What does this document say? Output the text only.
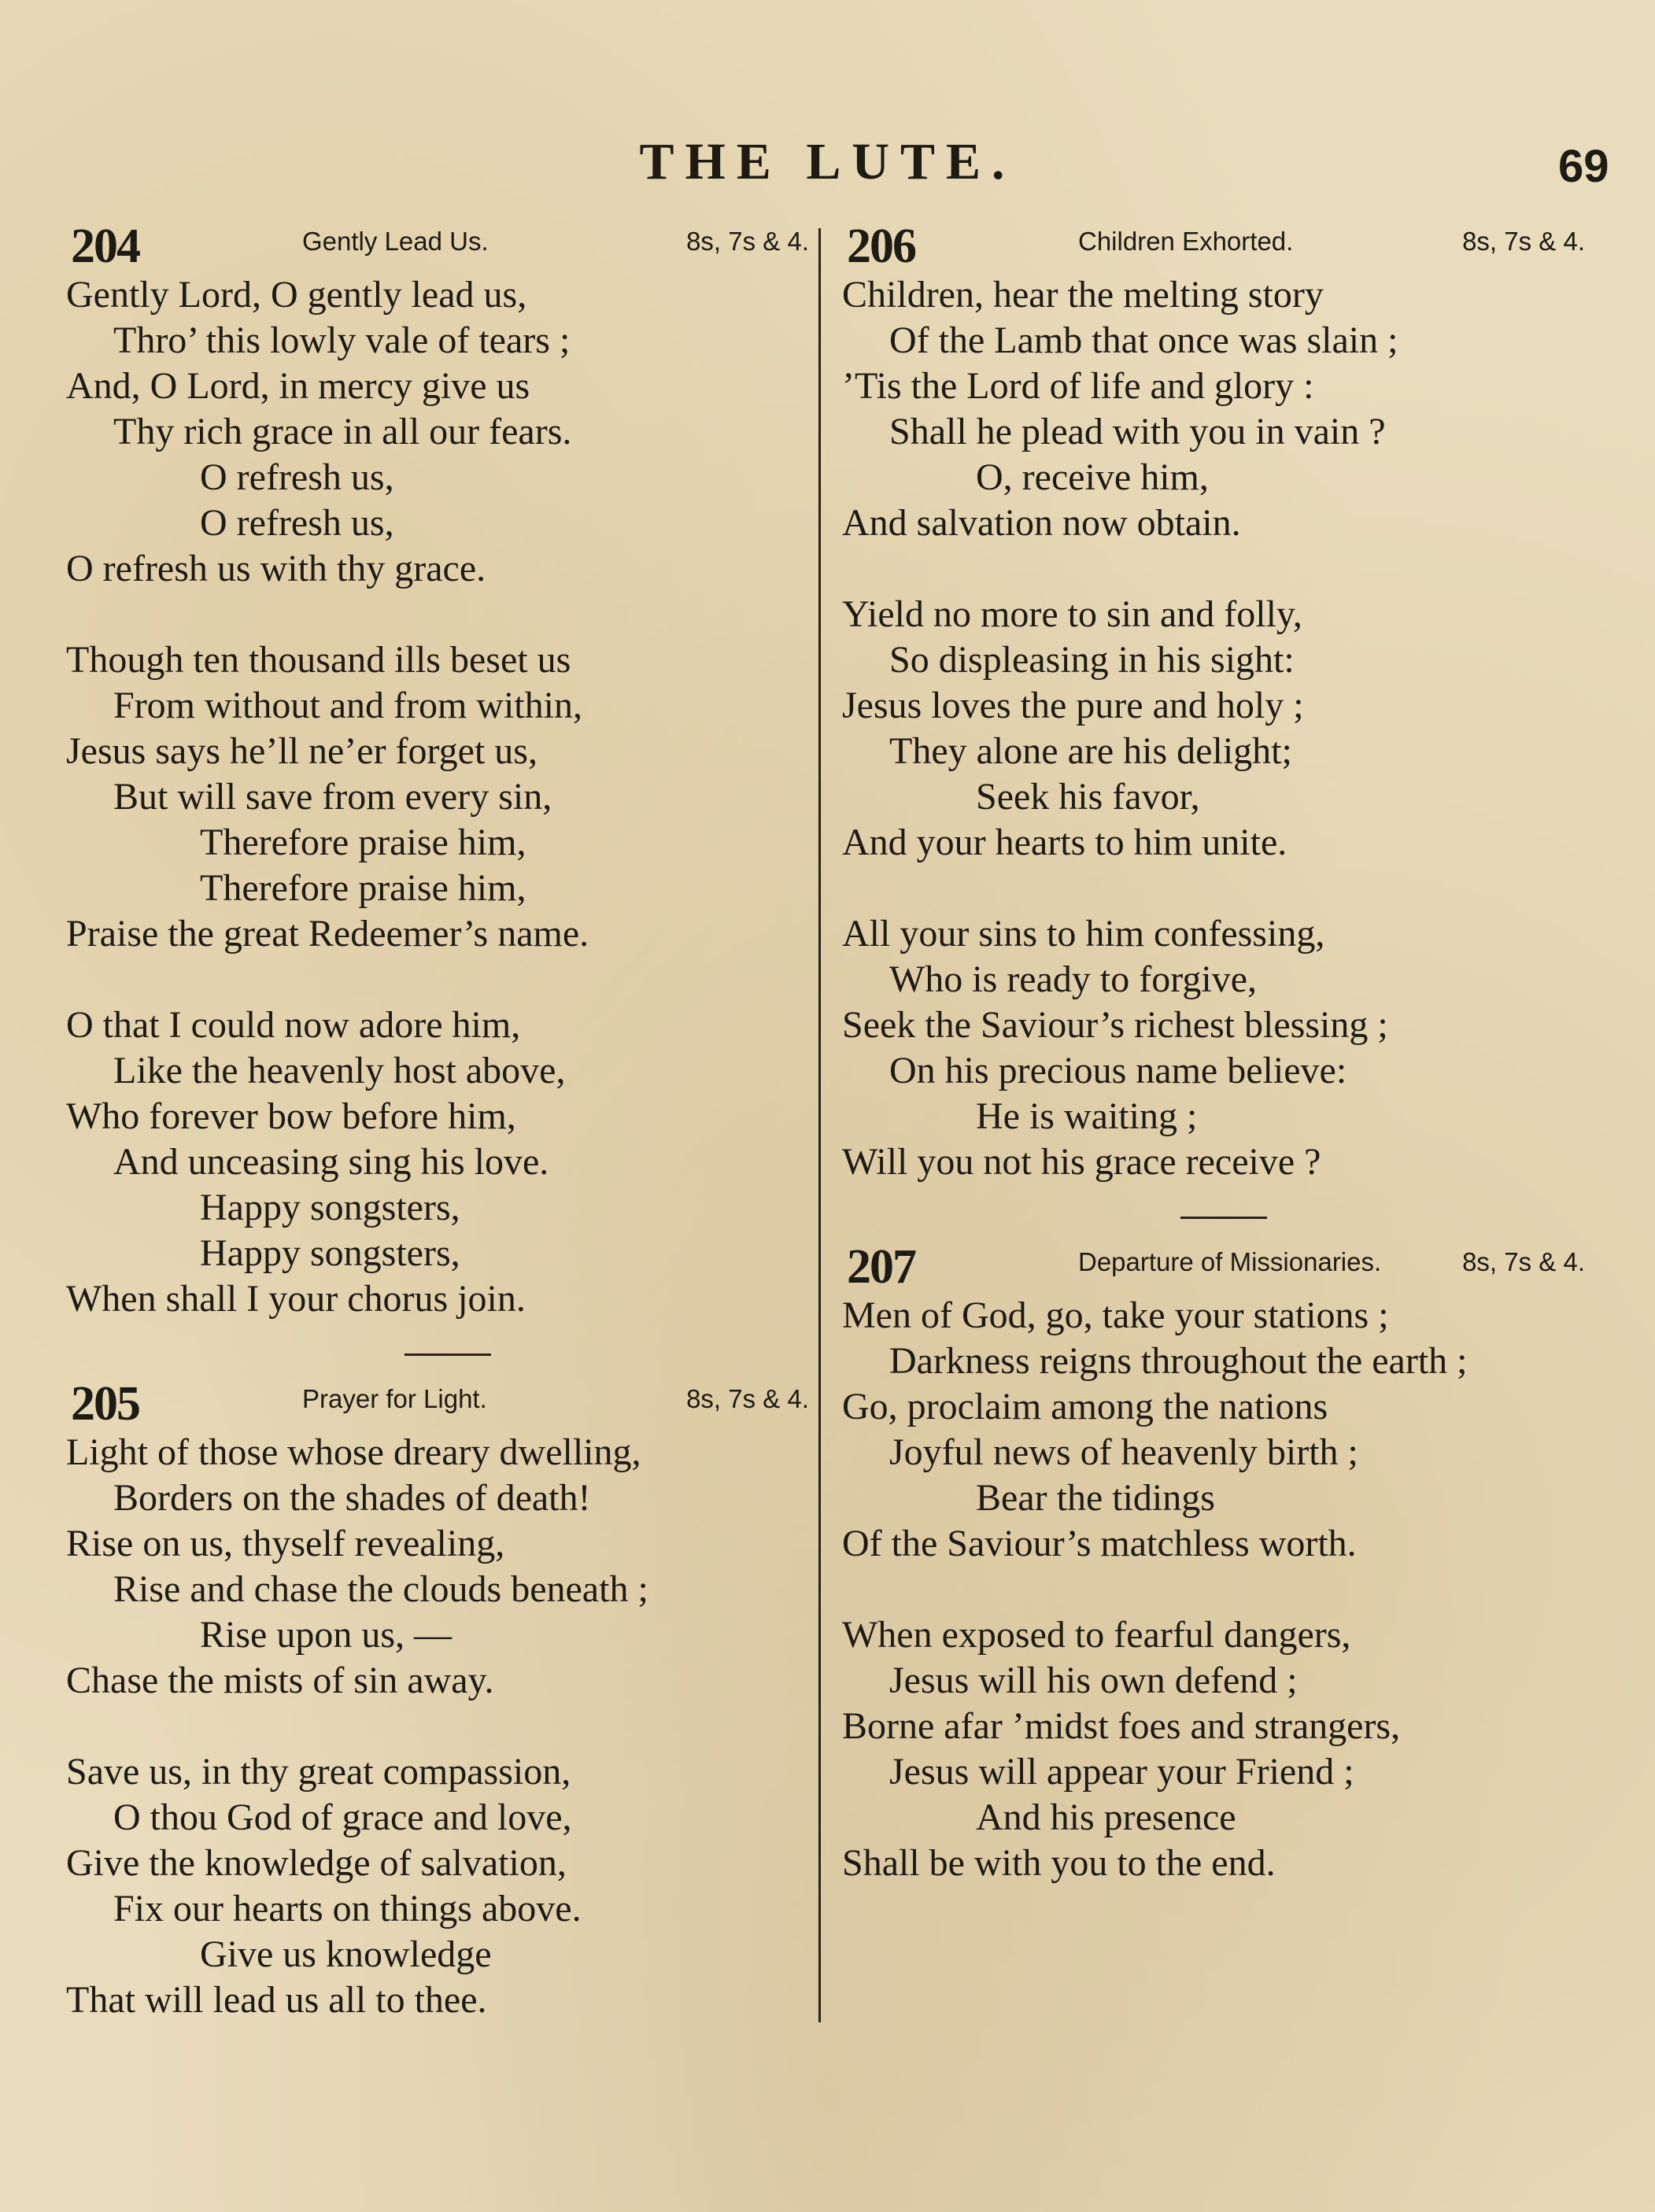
THE LUTE.	69
204	Gently Lead Us.	8s, 7s & 4.
Gently Lord, O gently lead us,
Thro’ this lowly vale of tears ;
And, O Lord, in mercy give us
Thy rich grace in all our fears.
O refresh us,
O refresh us,
O refresh us with thy grace.
Though ten thousand ills beset us
From without and from within,
Jesus says he’ll ne’er forget us,
But will save from every sin,
Therefore praise him,
Therefore praise him,
Praise the great Redeemer’s name.
O that I could now adore him,
Like the heavenly host above,
Who forever bow before him,
And unceasing sing his love.
Happy songsters,
Happy songsters,
When shall I your chorus join.
205	Prayer for Light.	8s, 7s & 4.
Light of those whose dreary dwelling,
Borders on the shades of death!
Rise on us, thyself revealing,
Rise and chase the clouds beneath ;
Rise upon us, —
Chase the mists of sin away.
Save us, in thy great compassion,
O thou God of grace and love,
Give the knowledge of salvation,
Fix our hearts on things above.
Give us knowledge
That will lead us all to thee.
206	Children Exhorted.	8s, 7s & 4.
Children, hear the melting story
Of the Lamb that once was slain ;
’Tis the Lord of life and glory :
Shall he plead with you in vain ?
O, receive him,
And salvation now obtain.
Yield no more to sin and folly,
So displeasing in his sight:
Jesus loves the pure and holy ;
They alone are his delight;
Seek his favor,
And your hearts to him unite.
All your sins to him confessing,
Who is ready to forgive,
Seek the Saviour’s richest blessing ;
On his precious name believe:
He is waiting ;
Will you not his grace receive ?
207	Departure of Missionaries.	8s, 7s & 4.
Men of God, go, take your stations ;
Darkness reigns throughout the earth ;
Go, proclaim among the nations
Joyful news of heavenly birth ;
Bear the tidings
Of the Saviour’s matchless worth.
When exposed to fearful dangers,
Jesus will his own defend ;
Borne afar ’midst foes and strangers,
Jesus will appear your Friend ;
And his presence
Shall be with you to the end.
